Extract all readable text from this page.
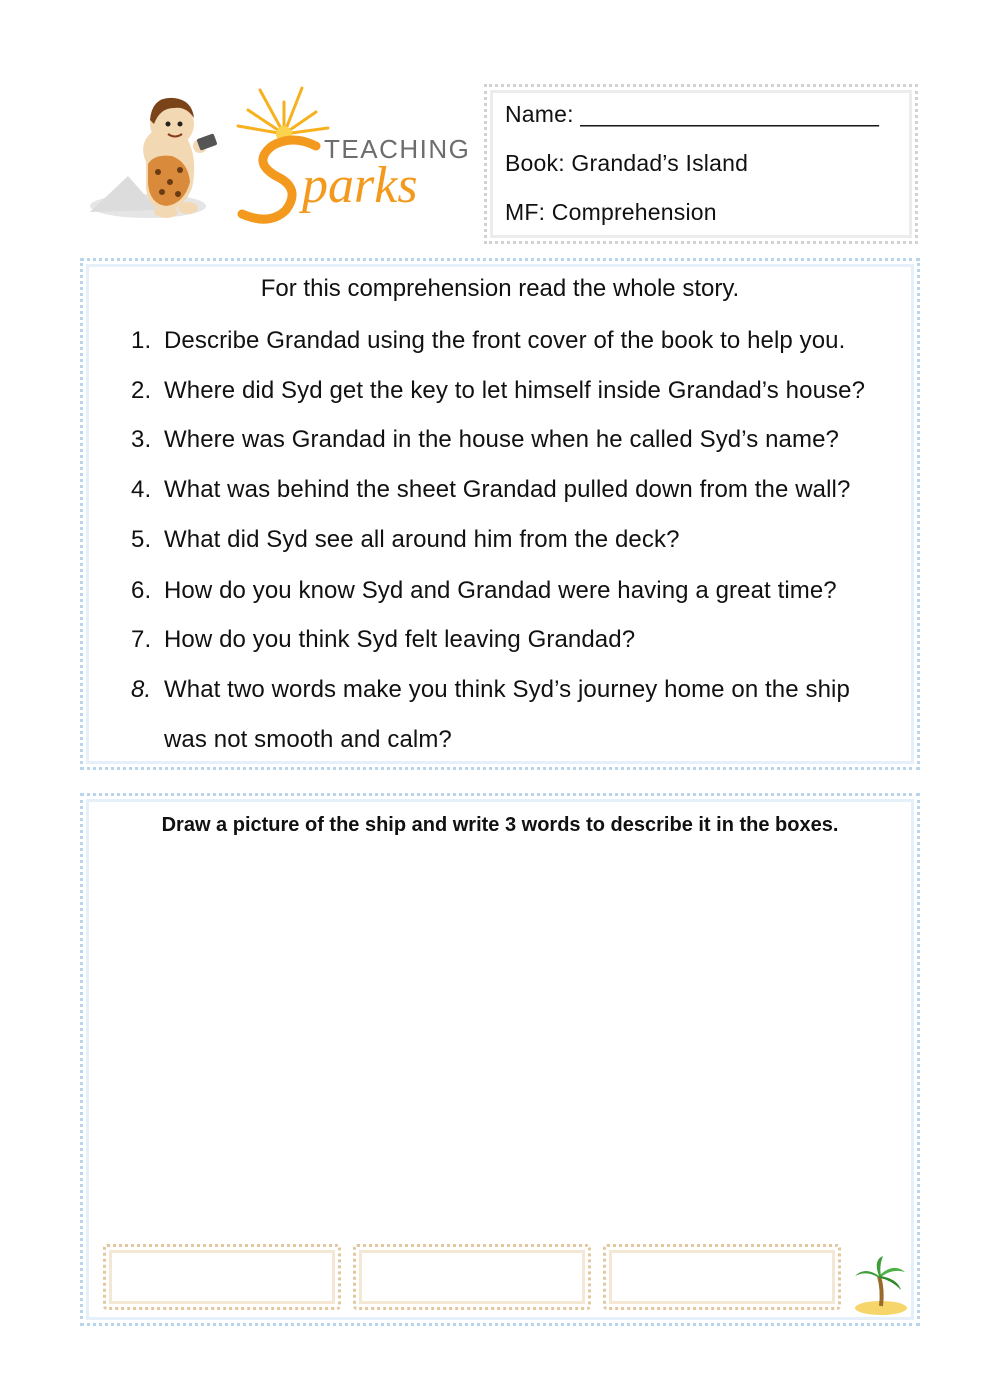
TEACHING
parks
Name: _______________________
Book: Grandad’s Island
MF: Comprehension
For this comprehension read the whole story.
1. Describe Grandad using the front cover of the book to help you.
2. Where did Syd get the key to let himself inside Grandad’s house?
3. Where was Grandad in the house when he called Syd’s name?
4. What was behind the sheet Grandad pulled down from the wall?
5. What did Syd see all around him from the deck?
6. How do you know Syd and Grandad were having a great time?
7. How do you think Syd felt leaving Grandad?
8. What two words make you think Syd’s journey home on the ship
was not smooth and calm?
Draw a picture of the ship and write 3 words to describe it in the boxes.
